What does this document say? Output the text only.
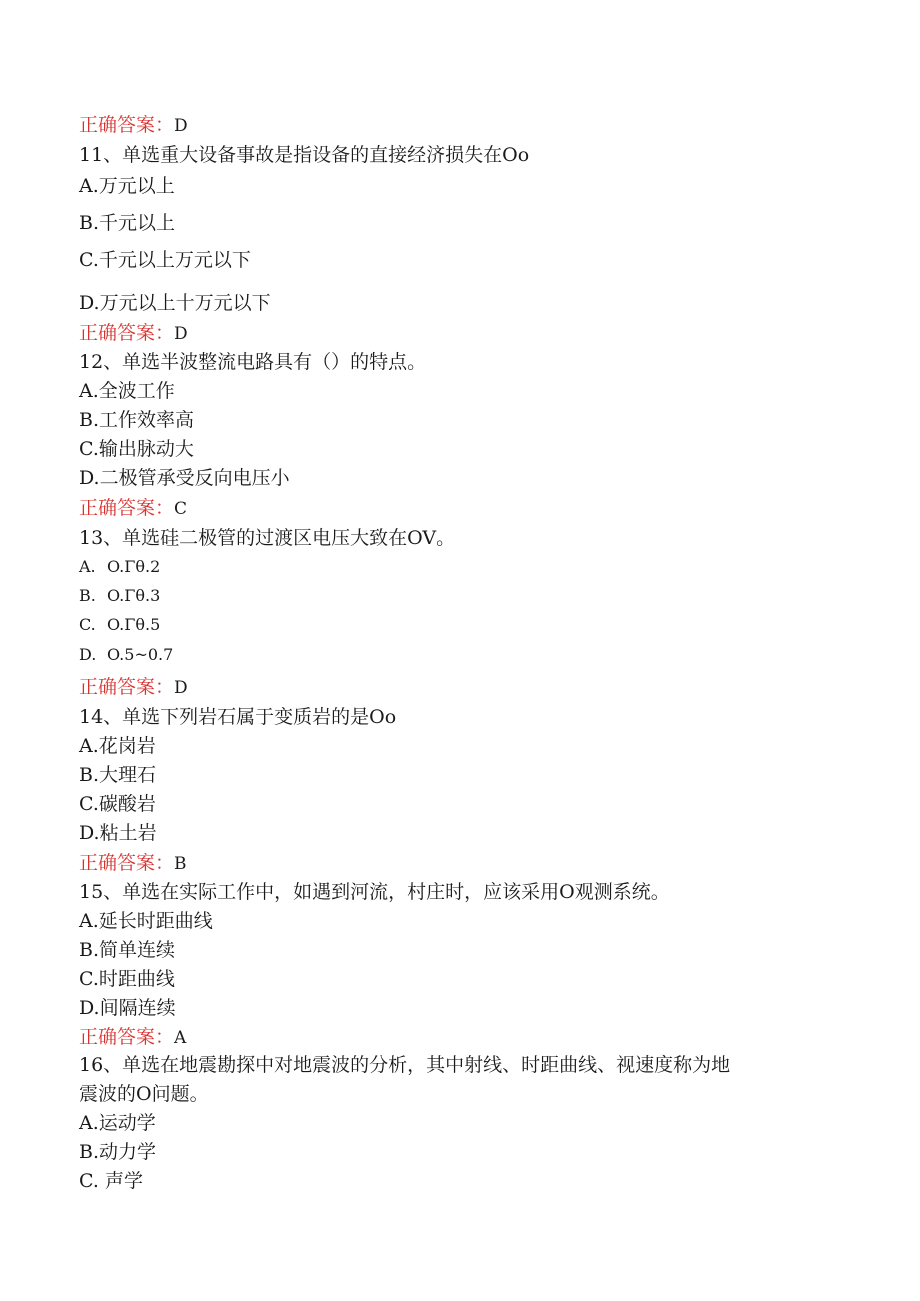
正确答案：D
11、单选重大设备事故是指设备的直接经济损失在Oo
A.万元以上
B.千元以上
C.千元以上万元以下
D.万元以上十万元以下
正确答案：D
12、单选半波整流电路具有（）的特点。
A.全波工作
B.工作效率高
C.输出脉动大
D.二极管承受反向电压小
正确答案：C
13、单选硅二极管的过渡区电压大致在OV。
A. O.Γθ.2
B. O.Γθ.3
C. O.Γθ.5
D. O.5~0.7
正确答案：D
14、单选下列岩石属于变质岩的是Oo
A.花岗岩
B.大理石
C.碳酸岩
D.粘土岩
正确答案：B
15、单选在实际工作中，如遇到河流，村庄时，应该采用O观测系统。
A.延长时距曲线
B.简单连续
C.时距曲线
D.间隔连续
正确答案：A
16、单选在地震勘探中对地震波的分析，其中射线、时距曲线、视速度称为地
震波的O问题。
A.运动学
B.动力学
C. 声学
